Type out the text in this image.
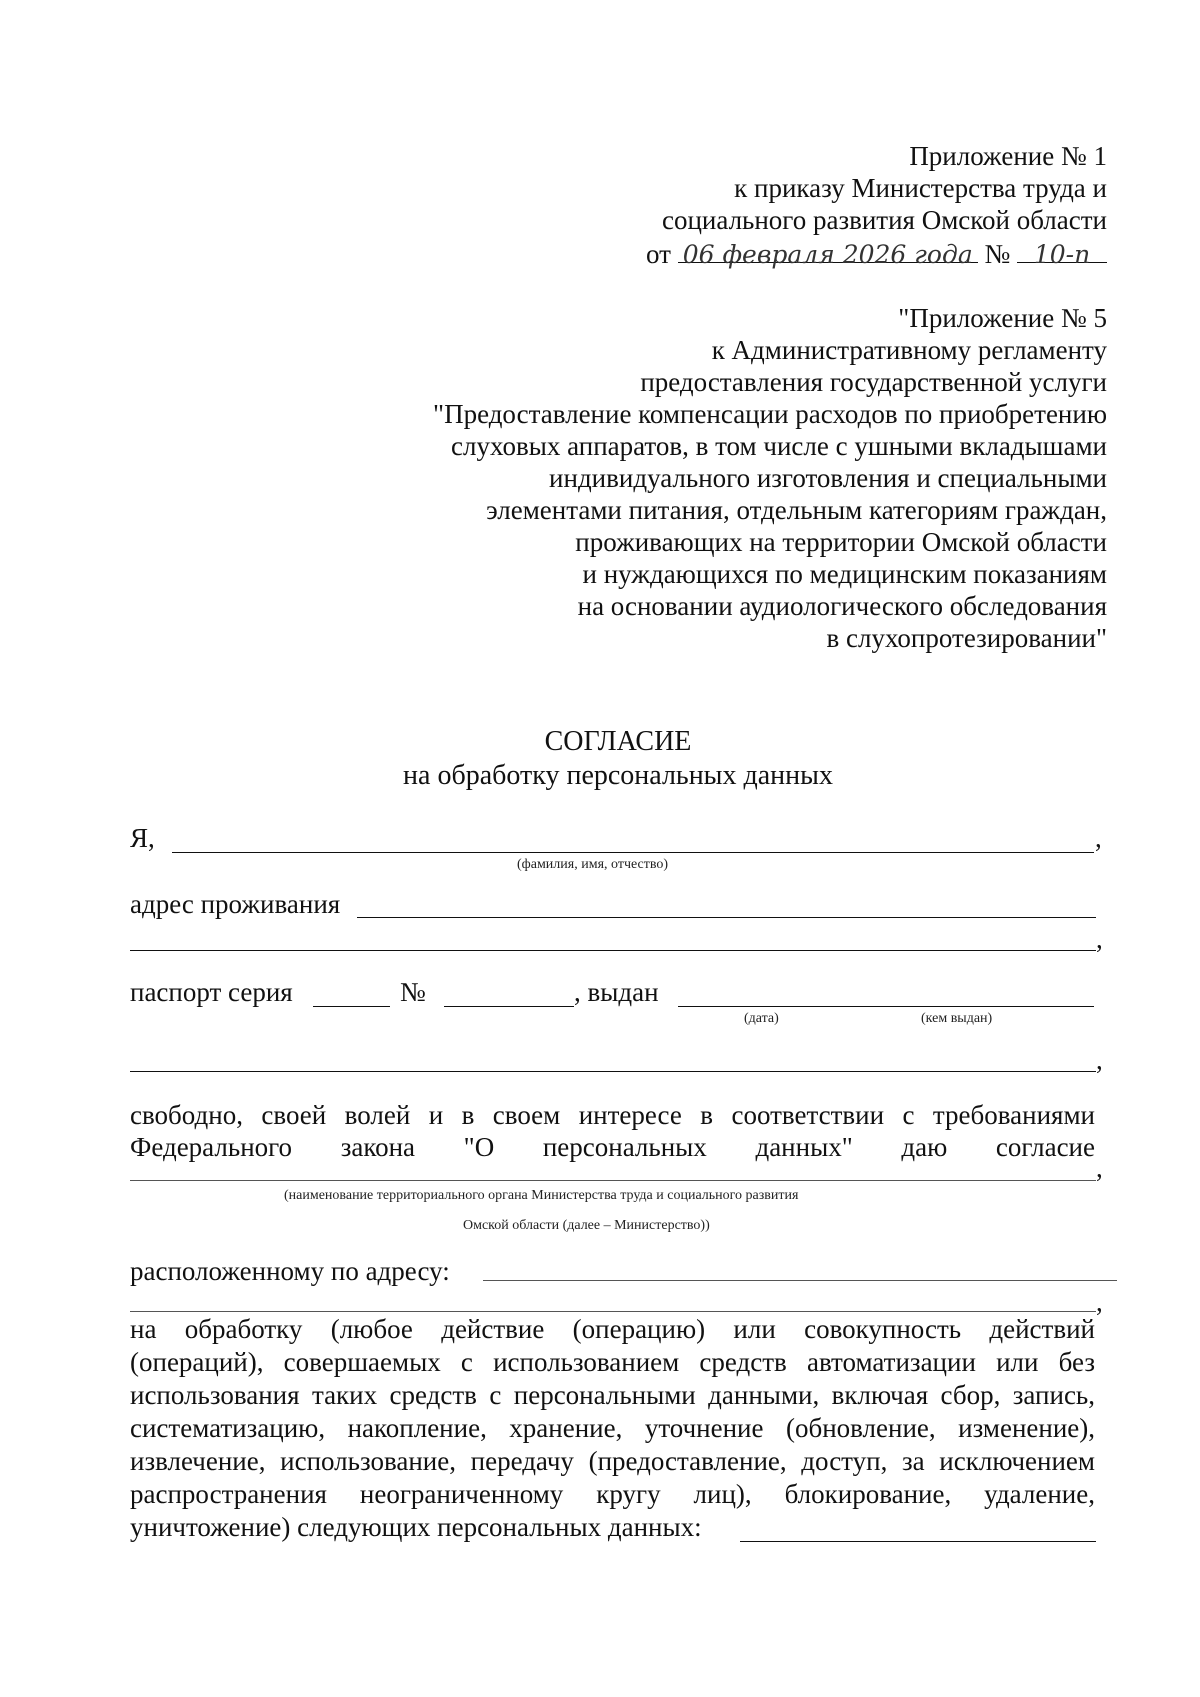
Приложение № 1
к приказу Министерства труда и
социального развития Омской области
от 06 февраля 2026 года № 10-п
"Приложение № 5
к Административному регламенту
предоставления государственной услуги
"Предоставление компенсации расходов по приобретению
слуховых аппаратов, в том числе с ушными вкладышами
индивидуального изготовления и специальными
элементами питания, отдельным категориям граждан,
проживающих на территории Омской области
и нуждающихся по медицинским показаниям
на основании аудиологического обследования
в слухопротезировании"
СОГЛАСИЕ
на обработку персональных данных
Я,	,
(фамилия, имя, отчество)
адрес проживания
,
паспорт серия	№	, выдан
(дата)	(кем выдан)
,
свободно, своей волей и в своем интересе в соответствии с требованиями
Федерального закона "О персональных данных" даю согласие
,
(наименование территориального органа Министерства труда и социального развития
Омской области (далее – Министерство))
расположенному по адресу:
,
на обработку (любое действие (операцию) или совокупность действий
(операций), совершаемых с использованием средств автоматизации или без
использования таких средств с персональными данными, включая сбор, запись,
систематизацию, накопление, хранение, уточнение (обновление, изменение),
извлечение, использование, передачу (предоставление, доступ, за исключением
распространения неограниченному кругу лиц), блокирование, удаление,
уничтожение) следующих персональных данных:
